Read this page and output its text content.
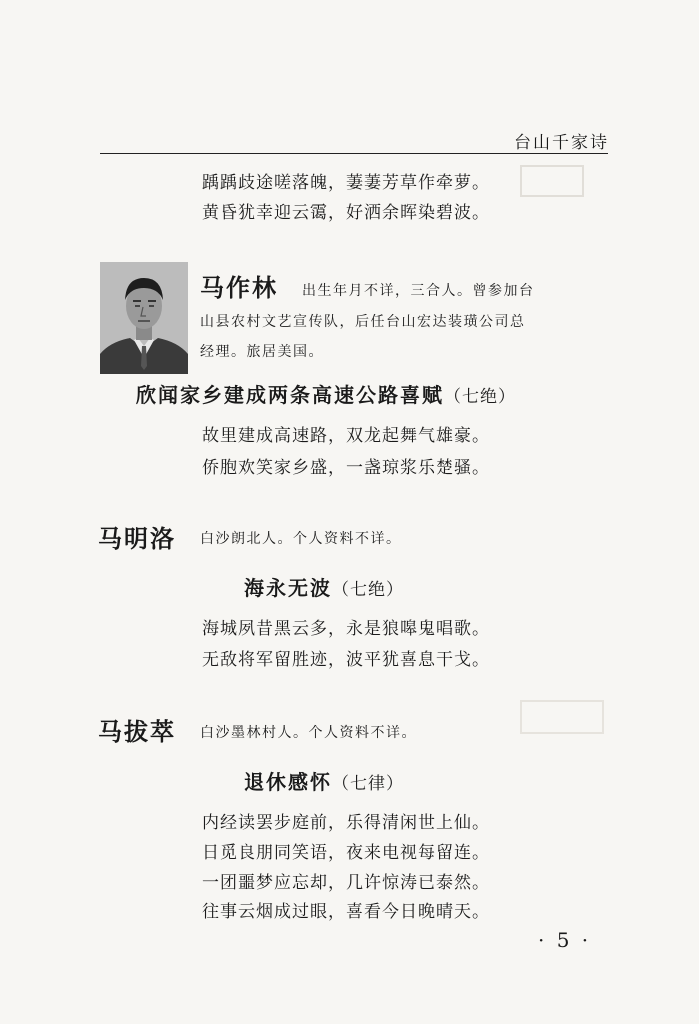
台山千家诗
踽踽歧途嗟落魄，萋萋芳草作牵萝。
黄昏犹幸迎云霭，好洒余晖染碧波。
马作林 出生年月不详，三合人。曾参加台
山县农村文艺宣传队，后任台山宏达装璜公司总
经理。旅居美国。
欣闻家乡建成两条高速公路喜赋（七绝）
故里建成高速路，双龙起舞气雄豪。
侨胞欢笑家乡盛，一盏琼浆乐楚骚。
马明洛 白沙朗北人。个人资料不详。
海永无波（七绝）
海城夙昔黑云多，永是狼嗥鬼唱歌。
无敌将军留胜迹，波平犹喜息干戈。
马拔萃 白沙墨林村人。个人资料不详。
退休感怀（七律）
内经读罢步庭前，乐得清闲世上仙。
日觅良朋同笑语，夜来电视每留连。
一团噩梦应忘却，几许惊涛已泰然。
往事云烟成过眼，喜看今日晚晴天。
· 5 ·
